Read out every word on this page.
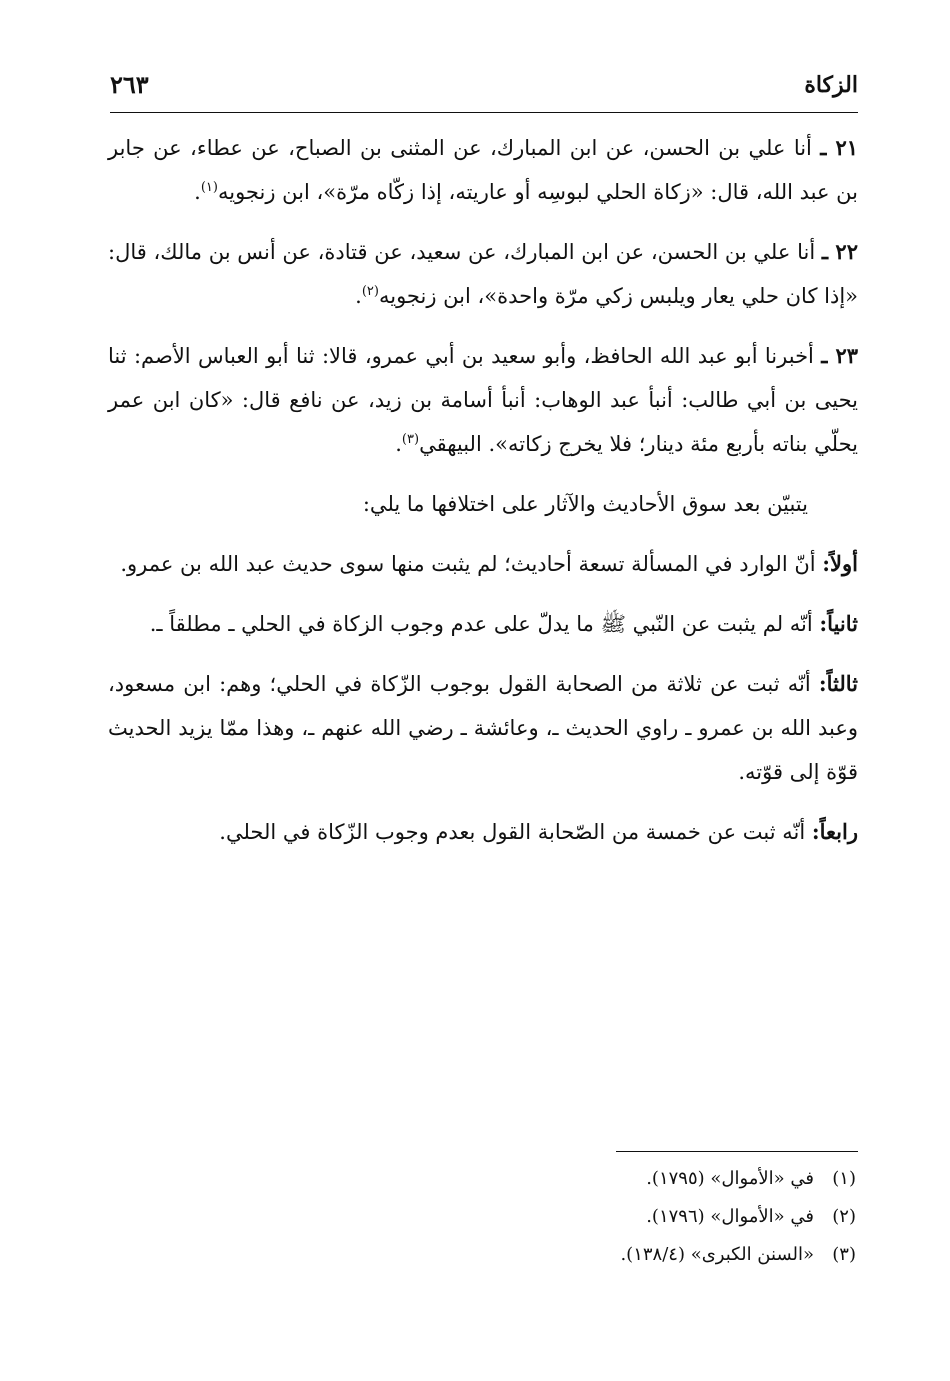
الزكاة
٢٦٣

٢١ ـ أنا علي بن الحسن، عن ابن المبارك، عن المثنى بن الصباح، عن عطاء، عن جابر بن عبد الله، قال: «زكاة الحلي لبوسِه أو عاريته، إذا زكّاه مرّة»، ابن زنجويه$^{(١)}$.

٢٢ ـ أنا علي بن الحسن، عن ابن المبارك، عن سعيد، عن قتادة، عن أنس بن مالك، قال: «إذا كان حلي يعار ويلبس زكي مرّة واحدة»، ابن زنجويه$^{(٢)}$.

٢٣ ـ أخبرنا أبو عبد الله الحافظ، وأبو سعيد بن أبي عمرو، قالا: ثنا أبو العباس الأصم: ثنا يحيى بن أبي طالب: أنبأ عبد الوهاب: أنبأ أسامة بن زيد، عن نافع قال: «كان ابن عمر يحلّي بناته بأربع مئة دينار؛ فلا يخرج زكاته». البيهقي$^{(٣)}$.

يتبيّن بعد سوق الأحاديث والآثار على اختلافها ما يلي:

أولاً: أنّ الوارد في المسألة تسعة أحاديث؛ لم يثبت منها سوى حديث عبد الله بن عمرو.

ثانياً: أنّه لم يثبت عن النّبي ﷺ ما يدلّ على عدم وجوب الزكاة في الحلي ـ مطلقاً ـ.

ثالثاً: أنّه ثبت عن ثلاثة من الصحابة القول بوجوب الزّكاة في الحلي؛ وهم: ابن مسعود، وعبد الله بن عمرو ـ راوي الحديث ـ، وعائشة ـ رضي الله عنهم ـ، وهذا ممّا يزيد الحديث قوّة إلى قوّته.

رابعاً: أنّه ثبت عن خمسة من الصّحابة القول بعدم وجوب الزّكاة في الحلي.

(١)في «الأموال» (١٧٩٥).
(٢)في «الأموال» (١٧٩٦).
(٣)«السنن الكبرى» (١٣٨/٤).
